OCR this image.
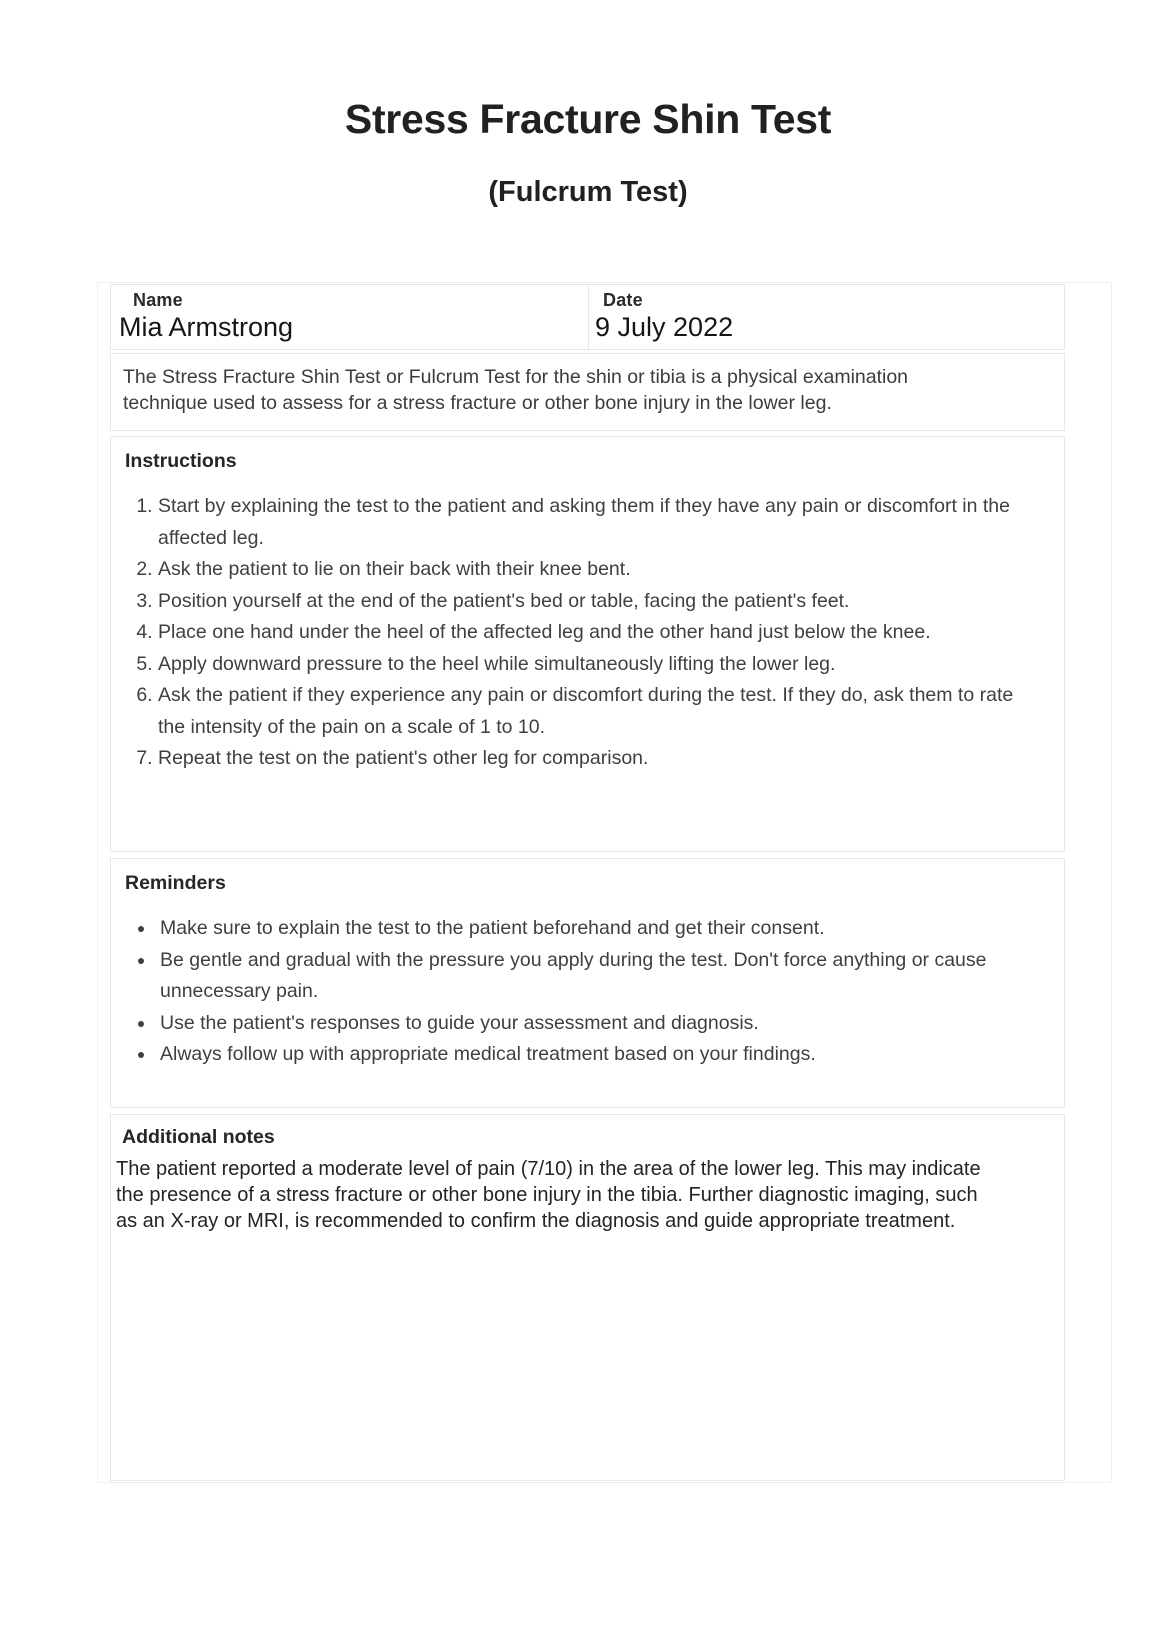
Stress Fracture Shin Test
(Fulcrum Test)
Name
Mia Armstrong
Date
9 July 2022
The Stress Fracture Shin Test or Fulcrum Test for the shin or tibia is a physical examination technique used to assess for a stress fracture or other bone injury in the lower leg.
Instructions
1. Start by explaining the test to the patient and asking them if they have any pain or discomfort in the affected leg.
2. Ask the patient to lie on their back with their knee bent.
3. Position yourself at the end of the patient's bed or table, facing the patient's feet.
4. Place one hand under the heel of the affected leg and the other hand just below the knee.
5. Apply downward pressure to the heel while simultaneously lifting the lower leg.
6. Ask the patient if they experience any pain or discomfort during the test. If they do, ask them to rate the intensity of the pain on a scale of 1 to 10.
7. Repeat the test on the patient's other leg for comparison.
Reminders
• Make sure to explain the test to the patient beforehand and get their consent.
• Be gentle and gradual with the pressure you apply during the test. Don't force anything or cause unnecessary pain.
• Use the patient's responses to guide your assessment and diagnosis.
• Always follow up with appropriate medical treatment based on your findings.
Additional notes
The patient reported a moderate level of pain (7/10) in the area of the lower leg. This may indicate the presence of a stress fracture or other bone injury in the tibia. Further diagnostic imaging, such as an X-ray or MRI, is recommended to confirm the diagnosis and guide appropriate treatment.
